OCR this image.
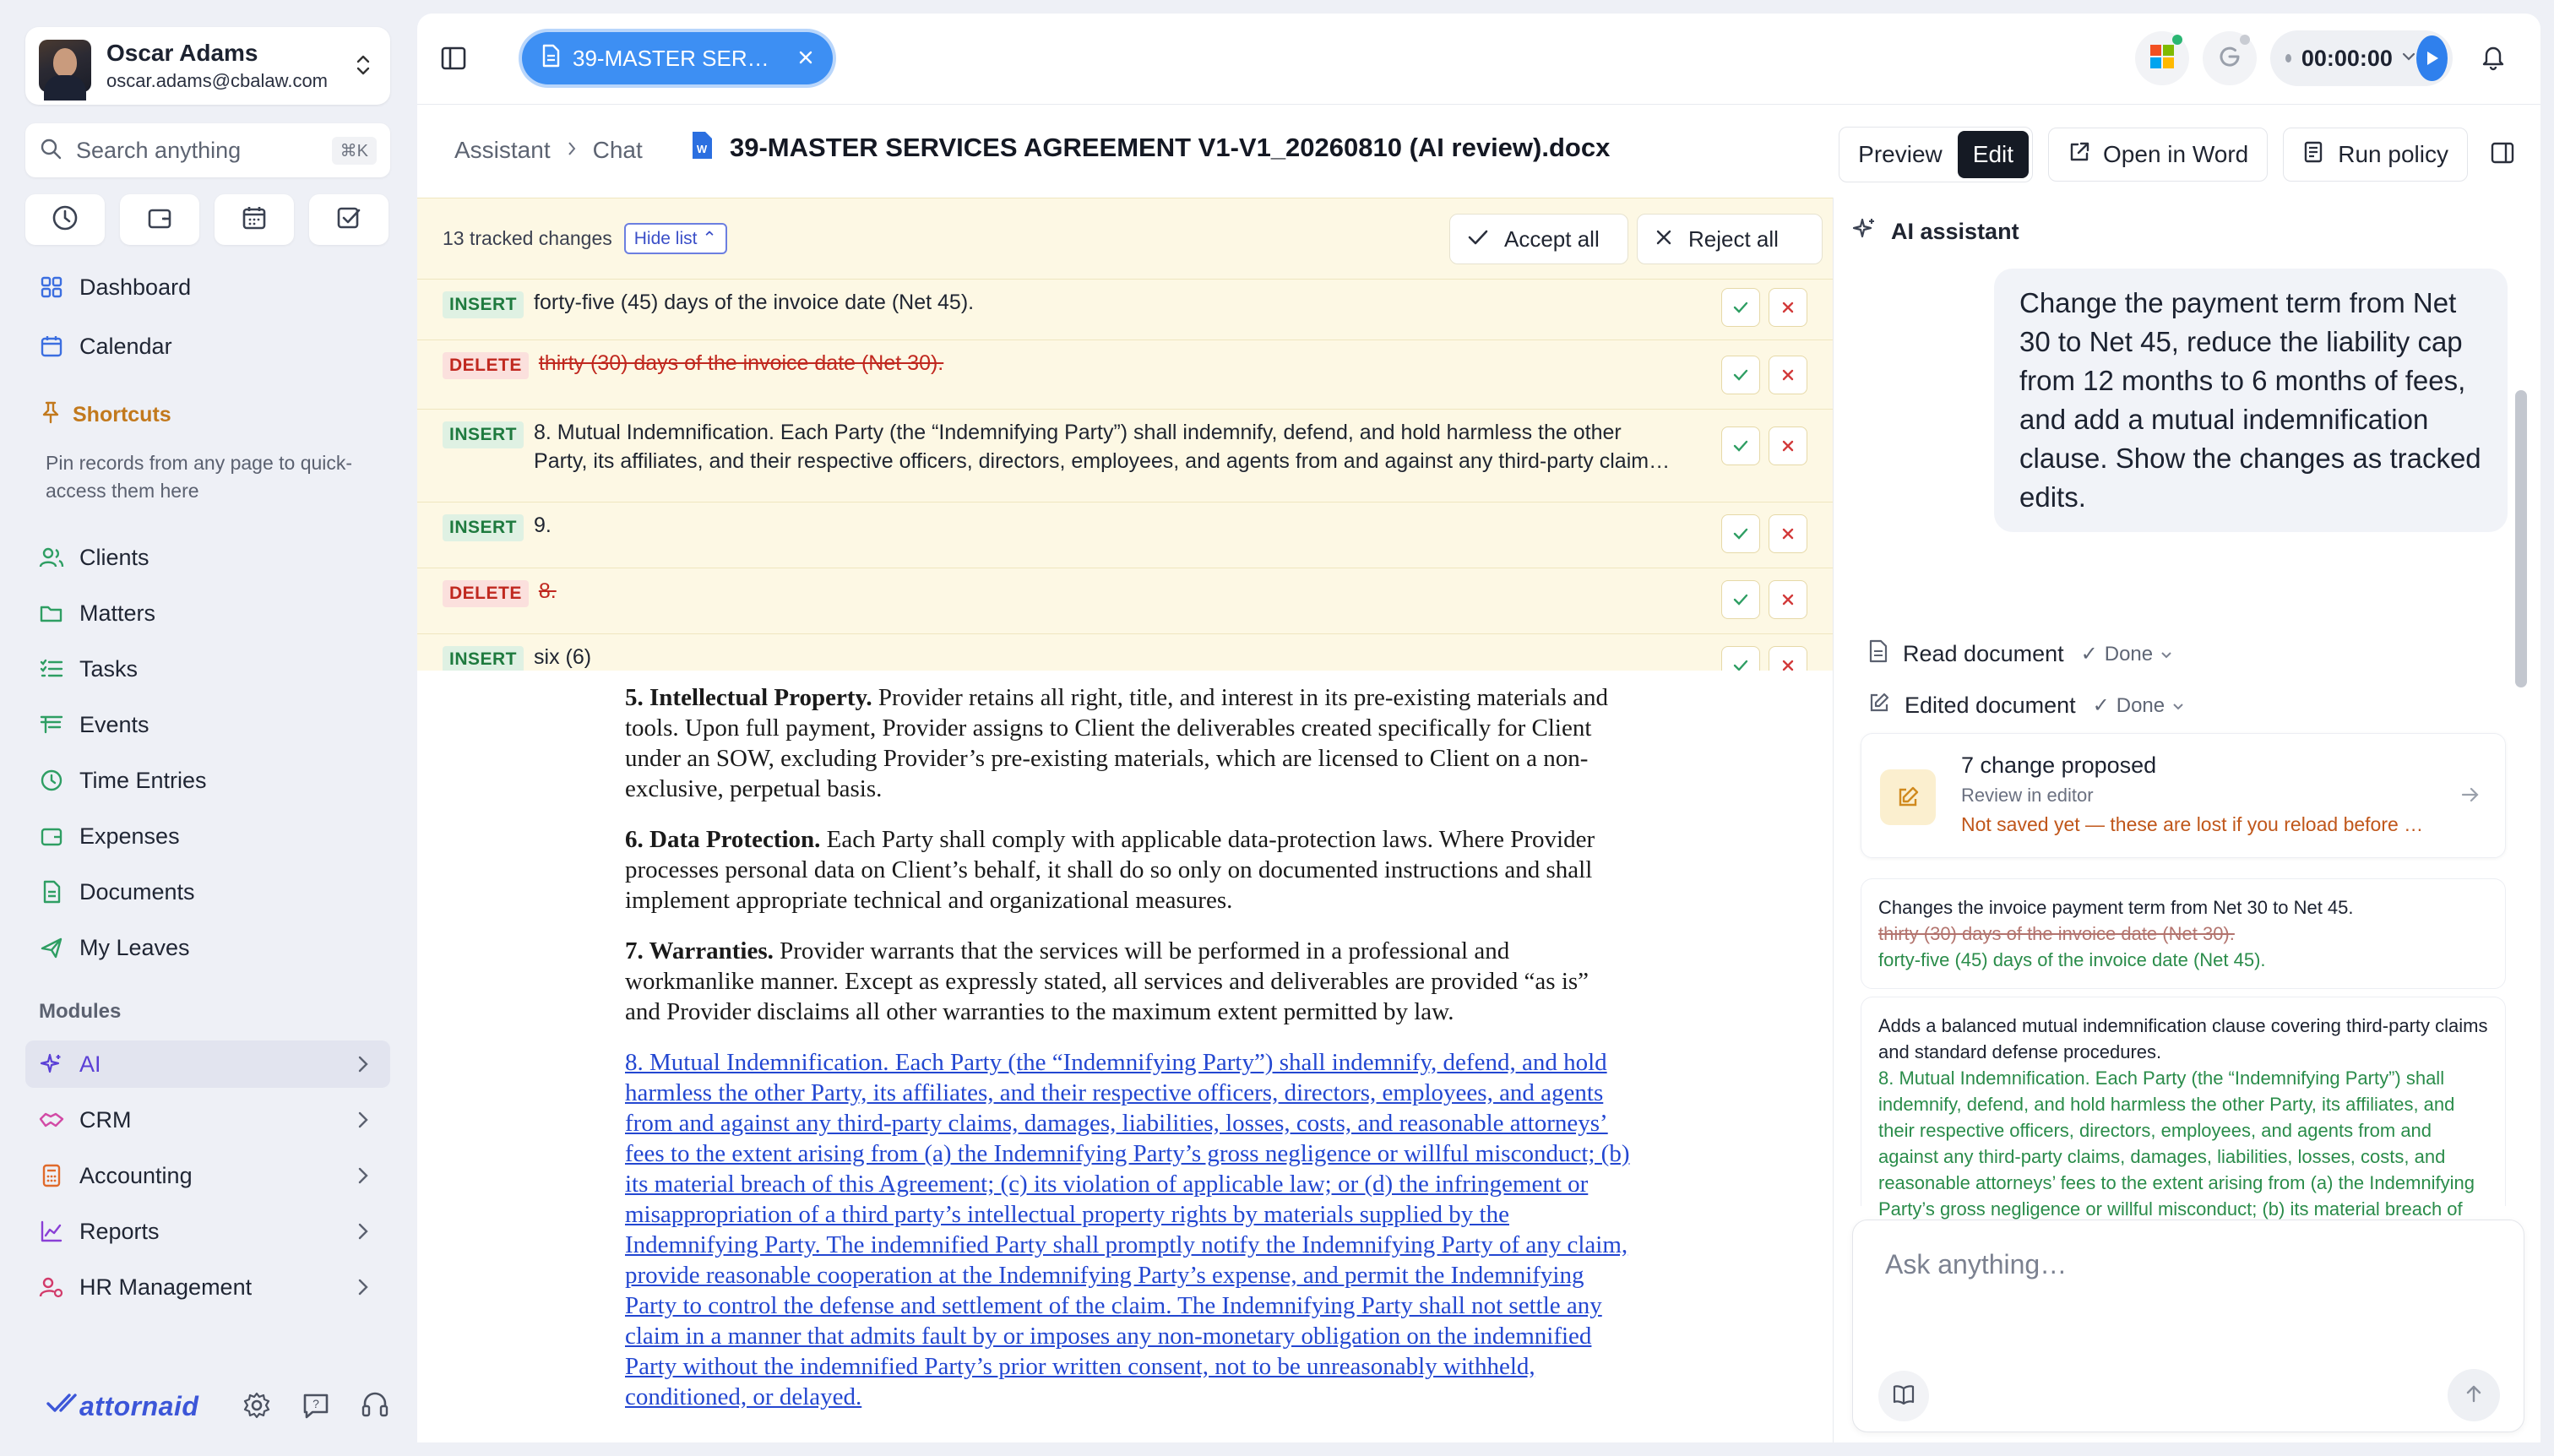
Oscar Adams
oscar.adams@cbalaw.com
Search anything	⌘K
Dashboard
Calendar
Shortcuts
Pin records from any page to quick-access them here
Clients
Matters
Tasks
Events
Time Entries
Expenses
Documents
My Leaves
Modules
AI
CRM
Accounting
Reports
HR Management
attornaid	?
39-MASTER SER…	00:00:00
Assistant Chat	W 39-MASTER SERVICES AGREEMENT V1-V1_20260810 (AI review).docx	Preview	Edit	Open in Word	Run policy
13 tracked changes	Hide list ⌃	Accept all	Reject all
INSERT forty-five (45) days of the invoice date (Net 45).
DELETE thirty (30) days of the invoice date (Net 30).
INSERT 8. Mutual Indemnification. Each Party (the “Indemnifying Party”) shall indemnify, defend, and hold harmless the other Party, its affiliates, and their respective officers, directors, employees, and agents from and against any third-party claim…
INSERT 9.
DELETE 8.
INSERT six (6)

5. Intellectual Property. Provider retains all right, title, and interest in its pre-existing materials and tools. Upon full payment, Provider assigns to Client the deliverables created specifically for Client under an SOW, excluding Provider’s pre-existing materials, which are licensed to Client on a non-exclusive, perpetual basis.

6. Data Protection. Each Party shall comply with applicable data-protection laws. Where Provider processes personal data on Client’s behalf, it shall do so only on documented instructions and shall implement appropriate technical and organizational measures.

7. Warranties. Provider warrants that the services will be performed in a professional and workmanlike manner. Except as expressly stated, all services and deliverables are provided “as is” and Provider disclaims all other warranties to the maximum extent permitted by law.

8. Mutual Indemnification. Each Party (the “Indemnifying Party”) shall indemnify, defend, and hold harmless the other Party, its affiliates, and their respective officers, directors, employees, and agents from and against any third-party claims, damages, liabilities, losses, costs, and reasonable attorneys’ fees to the extent arising from (a) the Indemnifying Party’s gross negligence or willful misconduct; (b) its material breach of this Agreement; (c) its violation of applicable law; or (d) the infringement or misappropriation of a third party’s intellectual property rights by materials supplied by the Indemnifying Party. The indemnified Party shall promptly notify the Indemnifying Party of any claim, provide reasonable cooperation at the Indemnifying Party’s expense, and permit the Indemnifying Party to control the defense and settlement of the claim. The Indemnifying Party shall not settle any claim in a manner that admits fault by or imposes any non-monetary obligation on the indemnified Party without the indemnified Party’s prior written consent, not to be unreasonably withheld, conditioned, or delayed.

AI assistant
Change the payment term from Net 30 to Net 45, reduce the liability cap from 12 months to 6 months of fees, and add a mutual indemnification clause. Show the changes as tracked edits.
Read document ✓ Done
Edited document ✓ Done
7 change proposed
Review in editor
Not saved yet — these are lost if you reload before …
Changes the invoice payment term from Net 30 to Net 45.
thirty (30) days of the invoice date (Net 30).
forty-five (45) days of the invoice date (Net 45).
Adds a balanced mutual indemnification clause covering third-party claims and standard defense procedures.
8. Mutual Indemnification. Each Party (the “Indemnifying Party”) shall indemnify, defend, and hold harmless the other Party, its affiliates, and their respective officers, directors, employees, and agents from and against any third-party claims, damages, liabilities, losses, costs, and reasonable attorneys’ fees to the extent arising from (a) the Indemnifying Party’s gross negligence or willful misconduct; (b) its material breach of
Ask anything…
